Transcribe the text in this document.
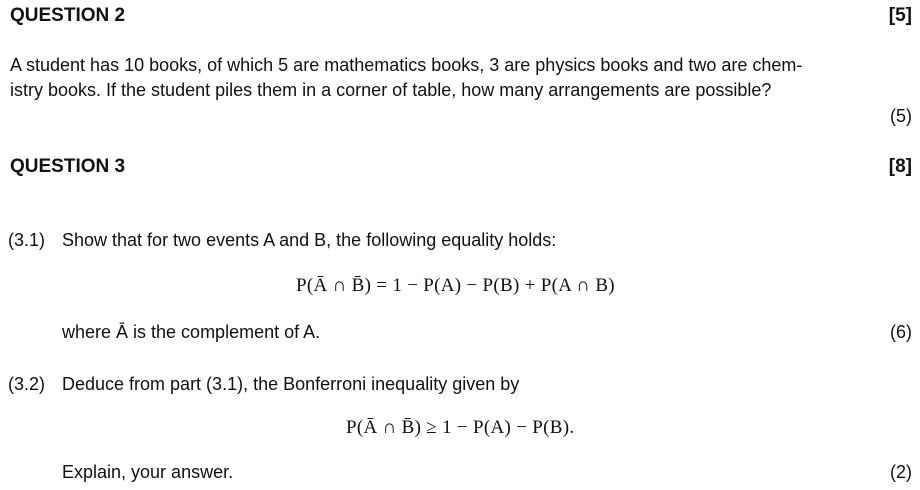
QUESTION 2	[5]
A student has 10 books, of which 5 are mathematics books, 3 are physics books and two are chem-
istry books. If the student piles them in a corner of table, how many arrangements are possible?
(5)
QUESTION 3	[8]
(3.1) Show that for two events A and B, the following equality holds:
P(Ā ∩ B̄) = 1 − P(A) − P(B) + P(A ∩ B)
where Ā is the complement of A.	(6)
(3.2) Deduce from part (3.1), the Bonferroni inequality given by
P(Ā ∩ B̄) ≥ 1 − P(A) − P(B).
Explain, your answer.	(2)
